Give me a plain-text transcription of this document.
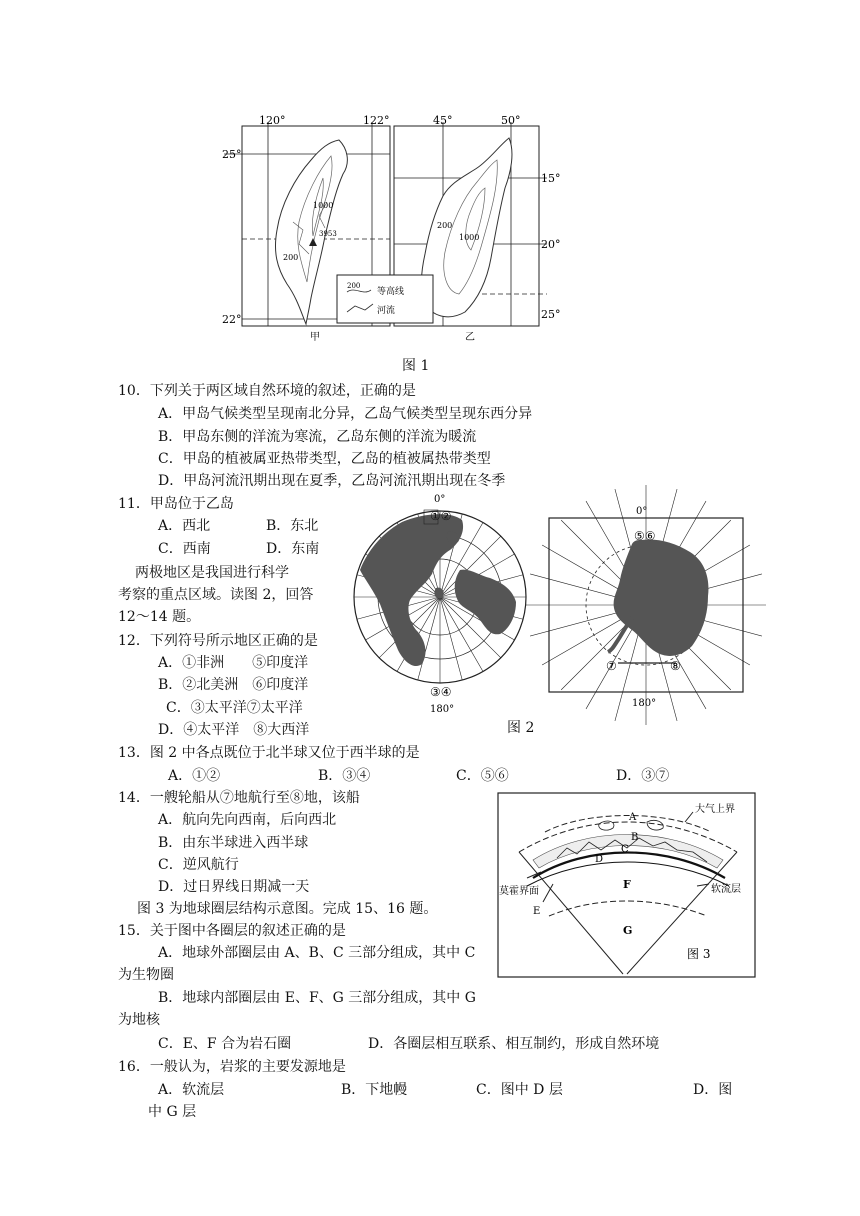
120°	122°
25°
22°
1000
3953
200
甲
45°	50°
15°
20°
25°
200
1000
乙
200
等高线
河流
图 1
10．下列关于两区域自然环境的叙述，正确的是
A．甲岛气候类型呈现南北分异，乙岛气候类型呈现东西分异
B．甲岛东侧的洋流为寒流，乙岛东侧的洋流为暖流
C．甲岛的植被属亚热带类型，乙岛的植被属热带类型
D．甲岛河流汛期出现在夏季，乙岛河流汛期出现在冬季
11．甲岛位于乙岛
A．西北	B．东北
C．西南	D．东南
两极地区是我国进行科学
考察的重点区域。读图 2，回答
12～14 题。
0°
①②
③④
180°
0°
⑤⑥
⑦	⑧
180°
图 2
12．下列符号所示地区正确的是
A．①非洲　　⑤印度洋
B．②北美洲　⑥印度洋
C．③太平洋⑦太平洋
D．④太平洋　⑧大西洋
13．图 2 中各点既位于北半球又位于西半球的是
A．①②	B．③④	C．⑤⑥	D．③⑦
14．一艘轮船从⑦地航行至⑧地，该船
A．航向先向西南，后向西北
B．由东半球进入西半球
C．逆风航行
D．过日界线日期减一天
A
B
C
D
E
F
G
大气上界
莫霍界面	软流层
图 3
图 3 为地球圈层结构示意图。完成 15、16 题。
15．关于图中各圈层的叙述正确的是
A．地球外部圈层由 A、B、C 三部分组成，其中 C
为生物圈
B．地球内部圈层由 E、F、G 三部分组成，其中 G
为地核
C．E、F 合为岩石圈	D．各圈层相互联系、相互制约，形成自然环境
16．一般认为，岩浆的主要发源地是
A．软流层	B．下地幔	C．图中 D 层	D．图
中 G 层
